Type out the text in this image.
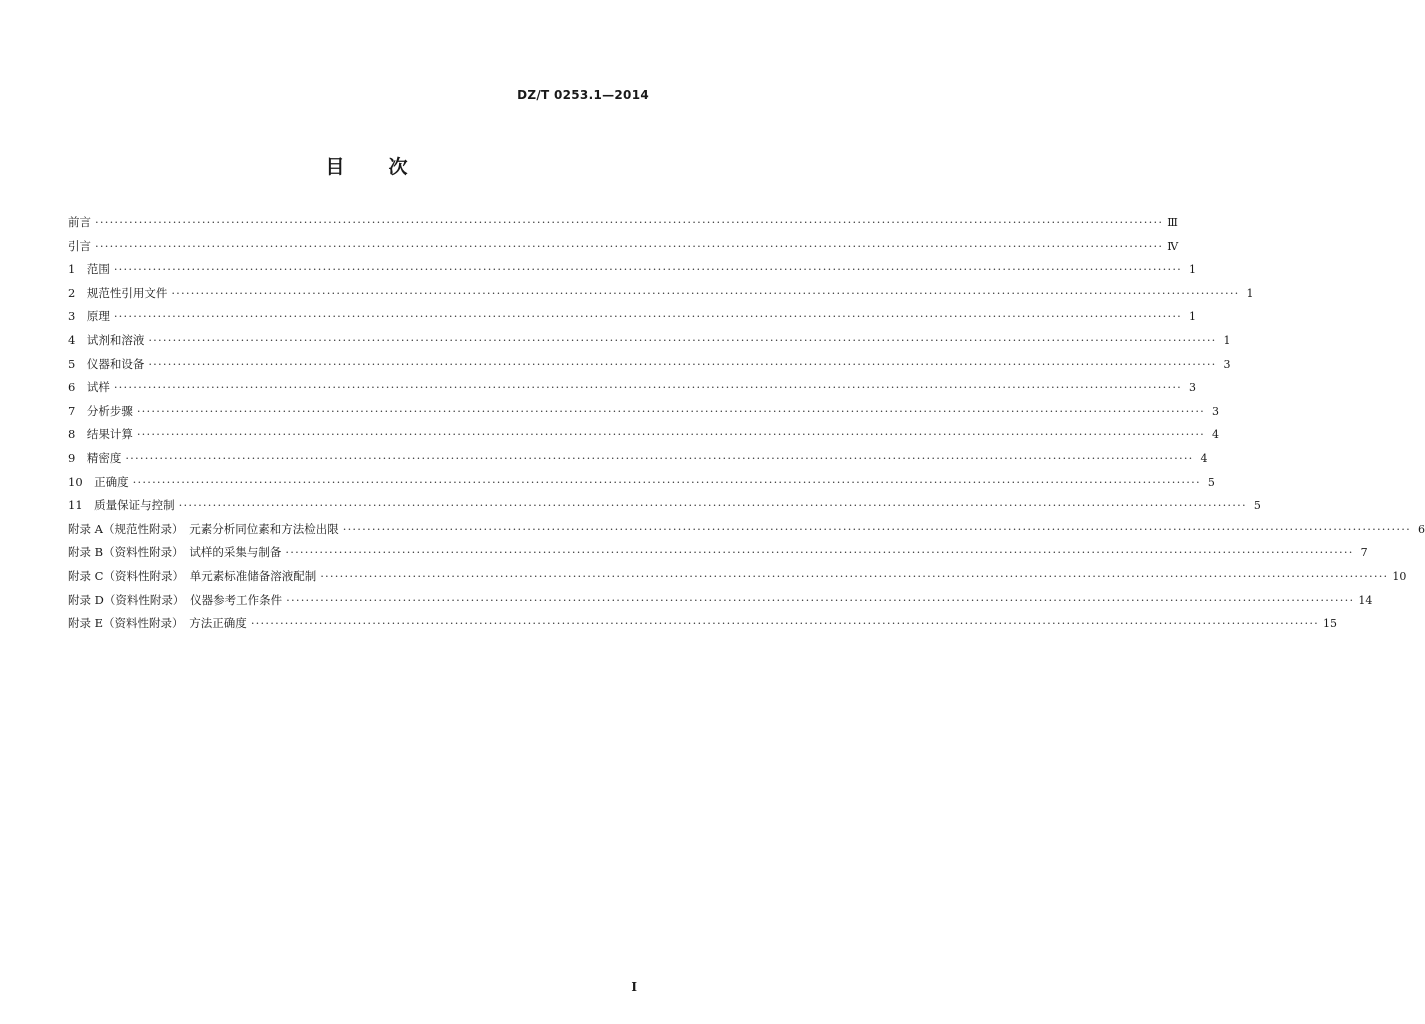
DZ/T 0253.1—2014
目次
前言 ···························································································································································································································· Ⅲ
引言 ···························································································································································································································· Ⅳ
1　范围 ···························································································································································································································· 1
2　规范性引用文件 ···························································································································································································································· 1
3　原理 ···························································································································································································································· 1
4　试剂和溶液 ···························································································································································································································· 1
5　仪器和设备 ···························································································································································································································· 3
6　试样 ···························································································································································································································· 3
7　分析步骤 ···························································································································································································································· 3
8　结果计算 ···························································································································································································································· 4
9　精密度 ···························································································································································································································· 4
10　正确度 ···························································································································································································································· 5
11　质量保证与控制 ···························································································································································································································· 5
附录 A（规范性附录）　元素分析同位素和方法检出限 ···························································································································································································································· 6
附录 B（资料性附录）　试样的采集与制备 ···························································································································································································································· 7
附录 C（资料性附录）　单元素标准储备溶液配制 ···························································································································································································································· 10
附录 D（资料性附录）　仪器参考工作条件 ···························································································································································································································· 14
附录 E（资料性附录）　方法正确度 ···························································································································································································································· 15
I
